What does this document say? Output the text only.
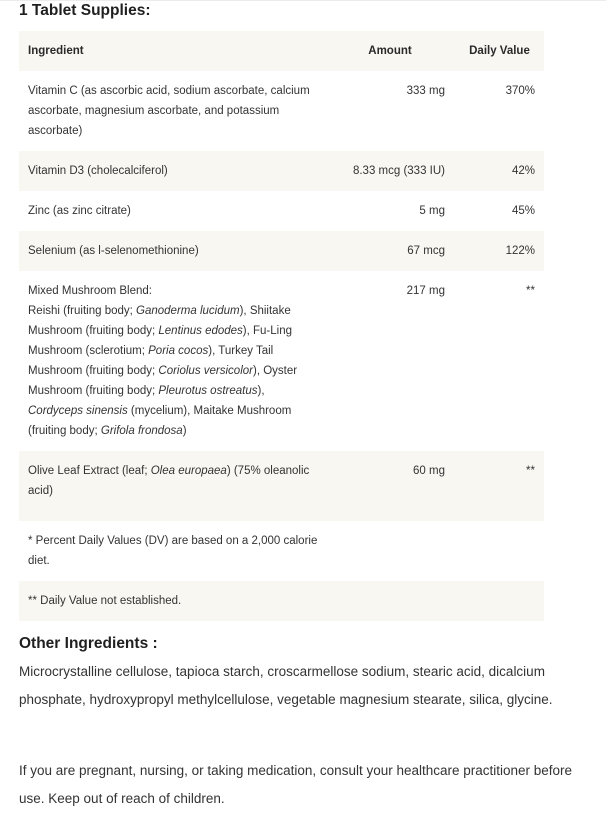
1 Tablet Supplies:
Ingredient	Amount	Daily Value
Vitamin C (as ascorbic acid, sodium ascorbate, calcium ascorbate, magnesium ascorbate, and potassium ascorbate)	333 mg	370%
Vitamin D3 (cholecalciferol)	8.33 mcg (333 IU)	42%
Zinc (as zinc citrate)	5 mg	45%
Selenium (as l-selenomethionine)	67 mcg	122%
Mixed Mushroom Blend:
Reishi (fruiting body; Ganoderma lucidum), Shiitake Mushroom (fruiting body; Lentinus edodes), Fu-Ling Mushroom (sclerotium; Poria cocos), Turkey Tail Mushroom (fruiting body; Coriolus versicolor), Oyster Mushroom (fruiting body; Pleurotus ostreatus), Cordyceps sinensis (mycelium), Maitake Mushroom (fruiting body; Grifola frondosa)	217 mg	**
Olive Leaf Extract (leaf; Olea europaea) (75% oleanolic acid)	60 mg	**

* Percent Daily Values (DV) are based on a 2,000 calorie diet.		

** Daily Value not established.		
Other Ingredients :
Microcrystalline cellulose, tapioca starch, croscarmellose sodium, stearic acid, dicalcium phosphate, hydroxypropyl methylcellulose, vegetable magnesium stearate, silica, glycine.
If you are pregnant, nursing, or taking medication, consult your healthcare practitioner before use. Keep out of reach of children.
